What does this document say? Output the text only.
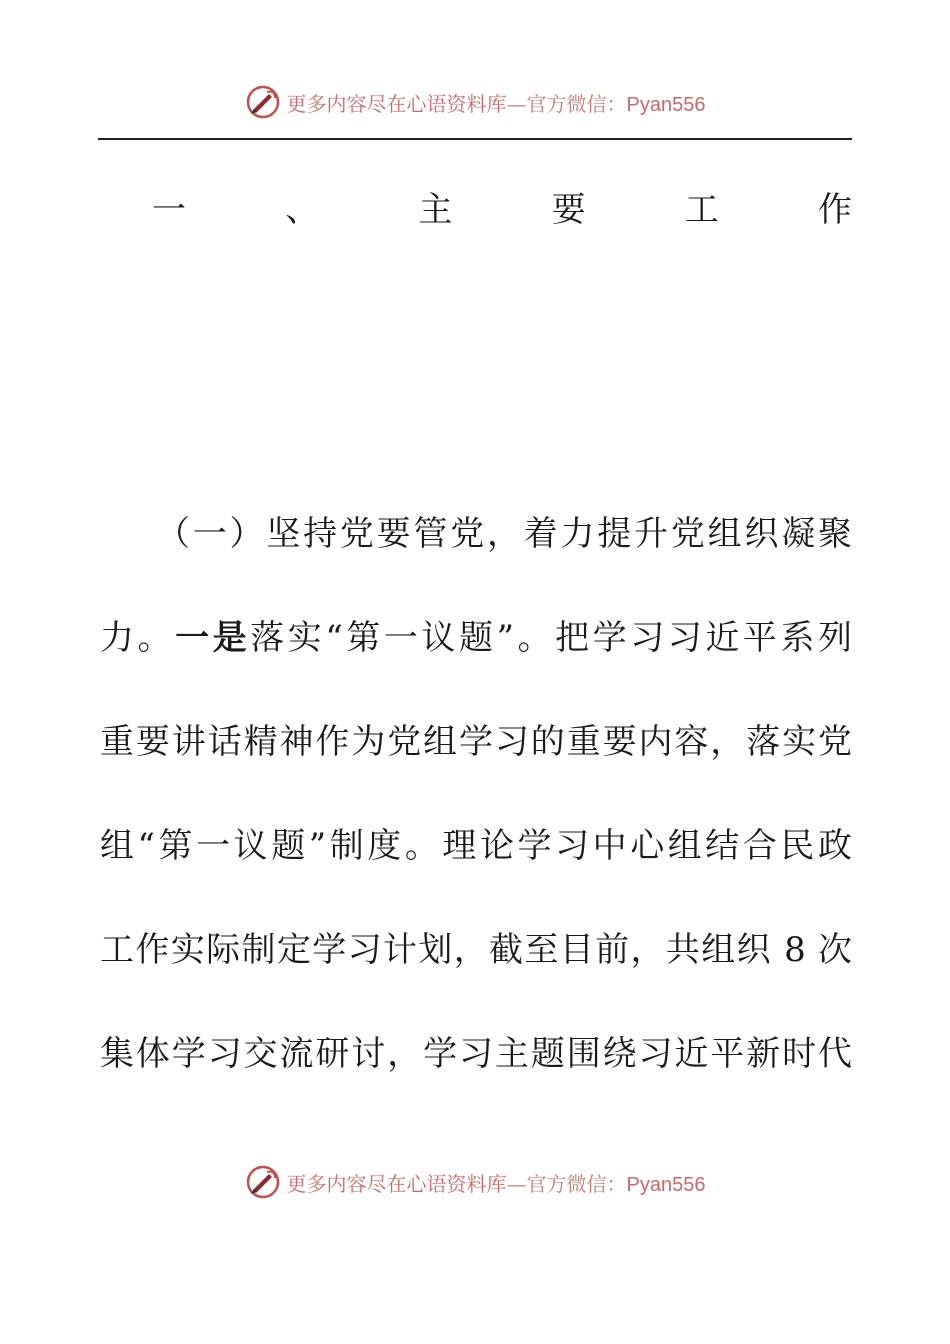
更多内容尽在心语资料库—官方微信：Pyan556
一	、	主	要	工	作
（一）坚持党要管党，着力提升党组织凝聚
力。一是落实“第一议题”。把学习习近平系列
重要讲话精神作为党组学习的重要内容，落实党
组“第一议题”制度。理论学习中心组结合民政
工作实际制定学习计划，截至目前，共组织 8 次
集体学习交流研讨，学习主题围绕习近平新时代
更多内容尽在心语资料库—官方微信：Pyan556
